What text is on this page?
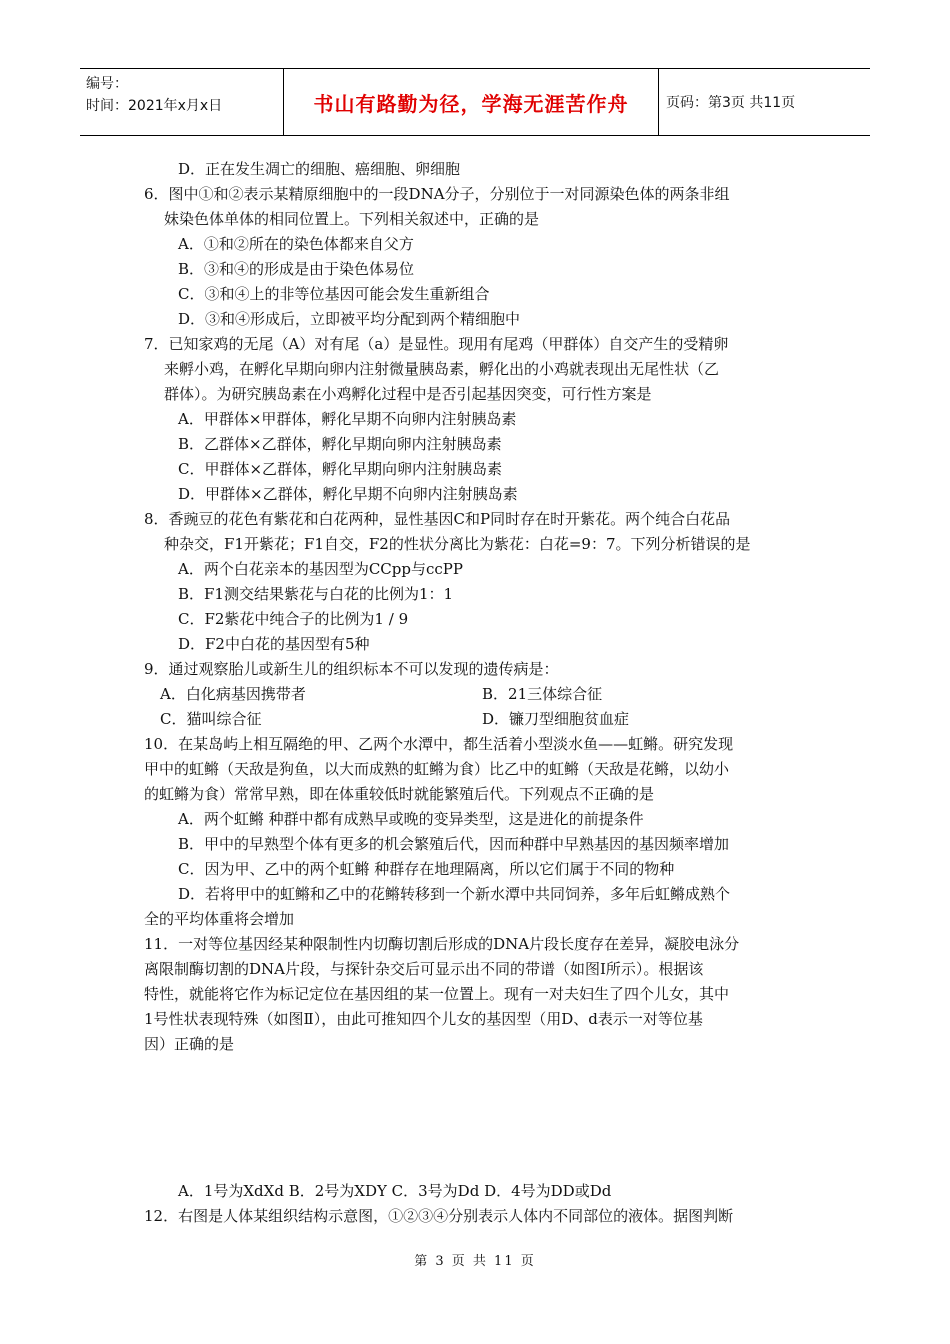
编号：
时间：2021年x月x日	书山有路勤为径，学海无涯苦作舟	页码：第3页 共11页
D．正在发生凋亡的细胞、癌细胞、卵细胞
6．图中①和②表示某精原细胞中的一段DNA分子，分别位于一对同源染色体的两条非组
妹染色体单体的相同位置上。下列相关叙述中，正确的是
A．①和②所在的染色体都来自父方
B．③和④的形成是由于染色体易位
C．③和④上的非等位基因可能会发生重新组合
D．③和④形成后，立即被平均分配到两个精细胞中
7．已知家鸡的无尾（A）对有尾（a）是显性。现用有尾鸡（甲群体）自交产生的受精卵
来孵小鸡，在孵化早期向卵内注射微量胰岛素，孵化出的小鸡就表现出无尾性状（乙
群体）。为研究胰岛素在小鸡孵化过程中是否引起基因突变，可行性方案是
A．甲群体×甲群体，孵化早期不向卵内注射胰岛素
B．乙群体×乙群体，孵化早期向卵内注射胰岛素
C．甲群体×乙群体，孵化早期向卵内注射胰岛素
D．甲群体×乙群体，孵化早期不向卵内注射胰岛素
8．香豌豆的花色有紫花和白花两种，显性基因C和P同时存在时开紫花。两个纯合白花品
种杂交，F1开紫花；F1自交，F2的性状分离比为紫花：白花=9：7。下列分析错误的是
A．两个白花亲本的基因型为CCpp与ccPP
B．F1测交结果紫花与白花的比例为1：1
C．F2紫花中纯合子的比例为1 / 9
D．F2中白花的基因型有5种
9．通过观察胎儿或新生儿的组织标本不可以发现的遗传病是：
A．白化病基因携带者	B．21三体综合征
C．猫叫综合征	D．镰刀型细胞贫血症
10．在某岛屿上相互隔绝的甲、乙两个水潭中，都生活着小型淡水鱼——虹鳉。研究发现
甲中的虹鳉（天敌是狗鱼，以大而成熟的虹鳉为食）比乙中的虹鳉（天敌是花鳉，以幼小
的虹鳉为食）常常早熟，即在体重较低时就能繁殖后代。下列观点不正确的是
A．两个虹鳉 种群中都有成熟早或晚的变异类型，这是进化的前提条件
B．甲中的早熟型个体有更多的机会繁殖后代，因而种群中早熟基因的基因频率增加
C．因为甲、乙中的两个虹鳉 种群存在地理隔离，所以它们属于不同的物种
D．若将甲中的虹鳉和乙中的花鳉转移到一个新水潭中共同饲养，多年后虹鳉成熟个
全的平均体重将会增加
11．一对等位基因经某种限制性内切酶切割后形成的DNA片段长度存在差异，凝胶电泳分
离限制酶切割的DNA片段，与探针杂交后可显示出不同的带谱（如图Ⅰ所示）。根据该
特性，就能将它作为标记定位在基因组的某一位置上。现有一对夫妇生了四个儿女，其中
1号性状表现特殊（如图Ⅱ），由此可推知四个儿女的基因型（用D、d表示一对等位基
因）正确的是
A．1号为XdXd B．2号为XDY C．3号为Dd D．4号为DD或Dd
12．右图是人体某组织结构示意图，①②③④分别表示人体内不同部位的液体。据图判断
第 3 页 共 11 页
